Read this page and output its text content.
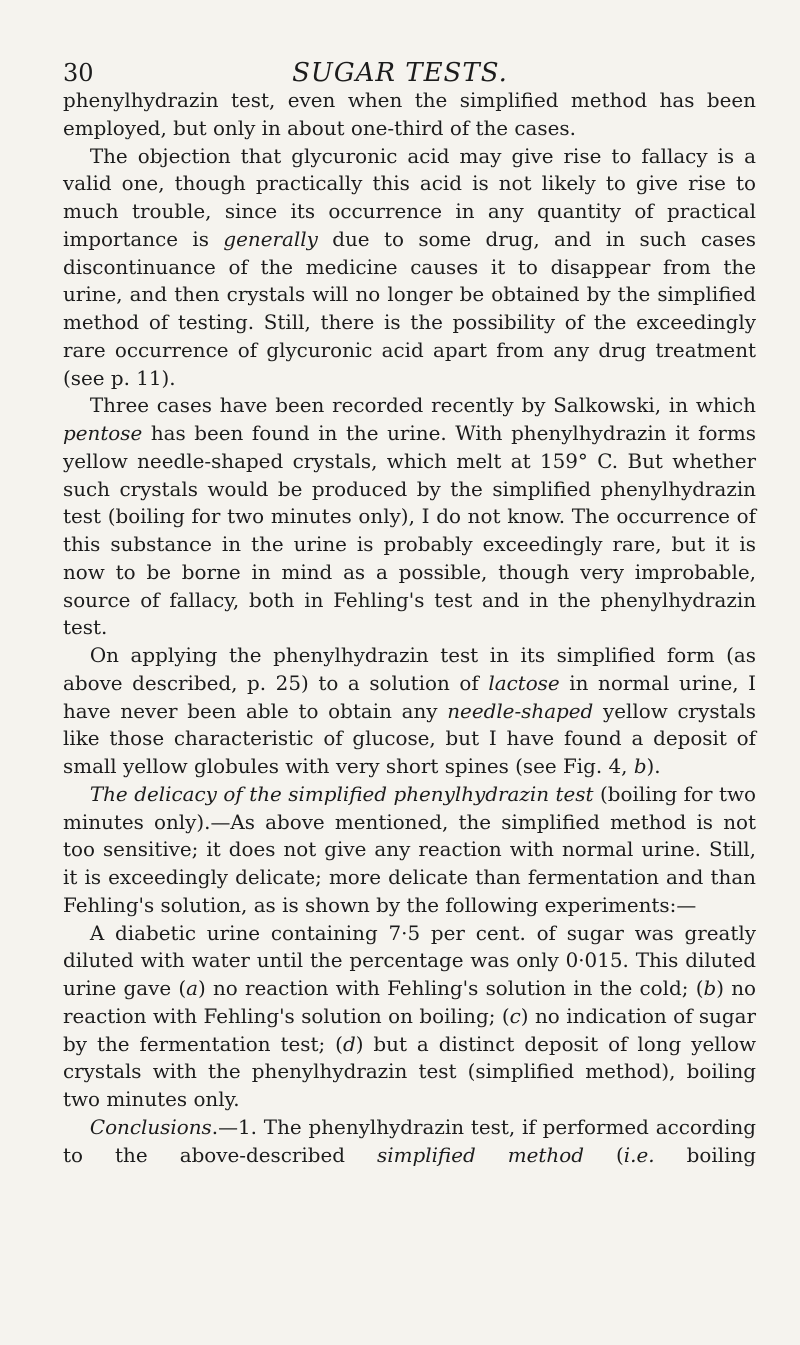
30	SUGAR TESTS.

phenylhydrazin test, even when the simplified method has been employed, but only in about one-third of the cases.

The objection that glycuronic acid may give rise to fallacy is a valid one, though practically this acid is not likely to give rise to much trouble, since its occurrence in any quantity of practical importance is generally due to some drug, and in such cases discontinuance of the medicine causes it to disappear from the urine, and then crystals will no longer be obtained by the simplified method of testing. Still, there is the possibility of the exceedingly rare occurrence of glycuronic acid apart from any drug treatment (see p. 11).

Three cases have been recorded recently by Salkowski, in which pentose has been found in the urine. With phenylhydrazin it forms yellow needle-shaped crystals, which melt at 159° C. But whether such crystals would be produced by the simplified phenylhydrazin test (boiling for two minutes only), I do not know. The occurrence of this substance in the urine is probably exceedingly rare, but it is now to be borne in mind as a possible, though very improbable, source of fallacy, both in Fehling's test and in the phenylhydrazin test.

On applying the phenylhydrazin test in its simplified form (as above described, p. 25) to a solution of lactose in normal urine, I have never been able to obtain any needle-shaped yellow crystals like those characteristic of glucose, but I have found a deposit of small yellow globules with very short spines (see Fig. 4, b).

The delicacy of the simplified phenylhydrazin test (boiling for two minutes only).—As above mentioned, the simplified method is not too sensitive; it does not give any reaction with normal urine. Still, it is exceedingly delicate; more delicate than fermentation and than Fehling's solution, as is shown by the following experiments:—

A diabetic urine containing 7·5 per cent. of sugar was greatly diluted with water until the percentage was only 0·015. This diluted urine gave (a) no reaction with Fehling's solution in the cold; (b) no reaction with Fehling's solution on boiling; (c) no indication of sugar by the fermentation test; (d) but a distinct deposit of long yellow crystals with the phenylhydrazin test (simplified method), boiling two minutes only.

Conclusions.—1. The phenylhydrazin test, if performed according to the above-described simplified method (i.e. boiling
